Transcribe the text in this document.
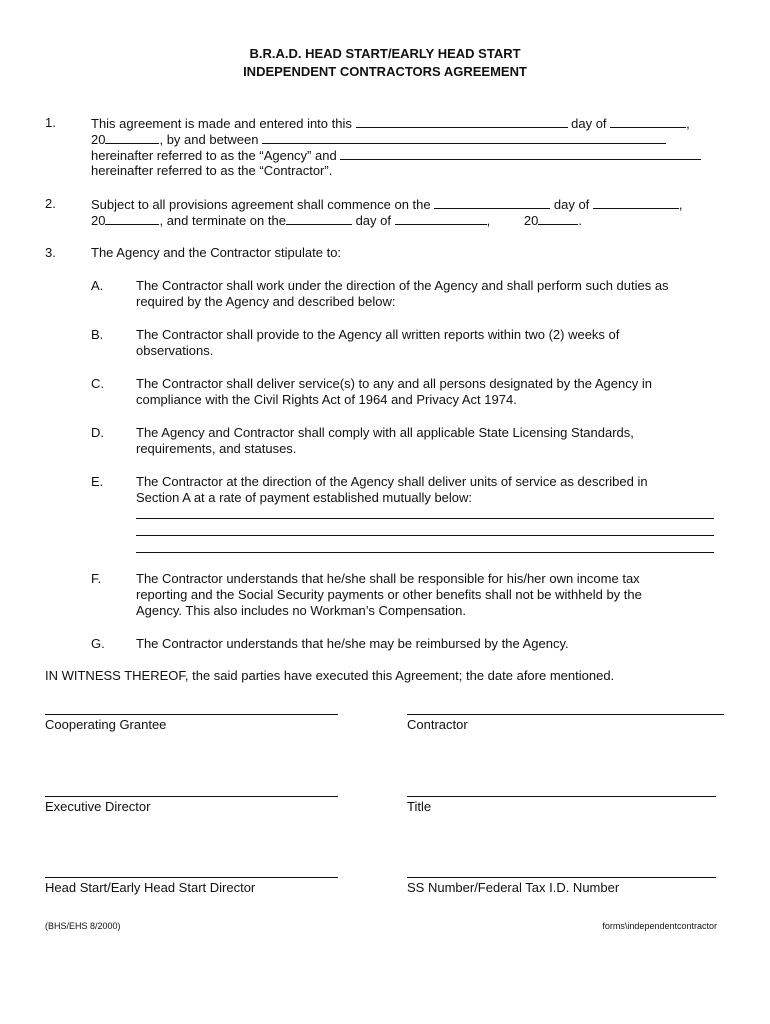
B.R.A.D. HEAD START/EARLY HEAD START
INDEPENDENT CONTRACTORS AGREEMENT
1.	This agreement is made and entered into this	day of	,
20	, by and between
hereinafter referred to as the “Agency” and
hereinafter referred to as the “Contractor”.
2.	Subject to all provisions agreement shall commence on the	day of	,
20	, and terminate on the	day of	,	20	.
3.	The Agency and the Contractor stipulate to:
A.	The Contractor shall work under the direction of the Agency and shall perform such duties as
required by the Agency and described below:
B.	The Contractor shall provide to the Agency all written reports within two (2) weeks of
observations.
C. The Contractor shall deliver service(s) to any and all persons designated by the Agency in
compliance with the Civil Rights Act of 1964 and Privacy Act 1974.
D. The Agency and Contractor shall comply with all applicable State Licensing Standards,
requirements, and statuses.
E.	The Contractor at the direction of the Agency shall deliver units of service as described in
Section A at a rate of payment established mutually below:
F.	The Contractor understands that he/she shall be responsible for his/her own income tax
reporting and the Social Security payments or other benefits shall not be withheld by the
Agency. This also includes no Workman’s Compensation.
G. The Contractor understands that he/she may be reimbursed by the Agency.
IN WITNESS THEREOF, the said parties have executed this Agreement; the date afore mentioned.
Cooperating Grantee	Contractor
Executive Director	Title
Head Start/Early Head Start Director	SS Number/Federal Tax I.D. Number
(BHS/EHS 8/2000)	forms\independentcontractor
